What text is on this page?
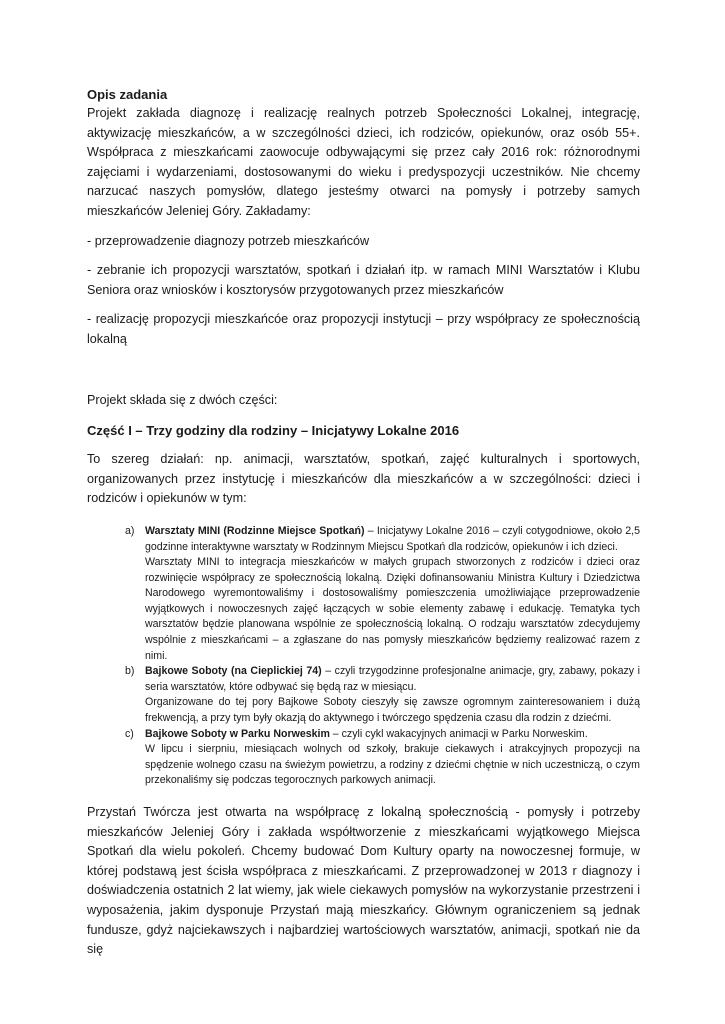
Opis zadania

Projekt zakłada diagnozę i realizację realnych potrzeb Społeczności Lokalnej, integrację, aktywizację mieszkańców, a w szczególności dzieci, ich rodziców, opiekunów, oraz osób 55+. Współpraca z mieszkańcami zaowocuje odbywającymi się przez cały 2016 rok: różnorodnymi zajęciami i wydarzeniami, dostosowanymi do wieku i predyspozycji uczestników. Nie chcemy narzucać naszych pomysłów, dlatego jesteśmy otwarci na pomysły i potrzeby samych mieszkańców Jeleniej Góry. Zakładamy:

- przeprowadzenie diagnozy potrzeb mieszkańców

- zebranie ich propozycji warsztatów, spotkań i działań itp. w ramach MINI Warsztatów i Klubu Seniora oraz wniosków i kosztorysów przygotowanych przez mieszkańców

- realizację propozycji mieszkańcóe oraz propozycji instytucji – przy współpracy ze społecznością lokalną

Projekt składa się z dwóch części:

Część I – Trzy godziny dla rodziny – Inicjatywy Lokalne 2016

To szereg działań: np. animacji, warsztatów, spotkań, zajęć kulturalnych i sportowych, organizowanych przez instytucję i mieszkańców dla mieszkańców a w szczególności: dzieci i rodziców i opiekunów w tym:

a) Warsztaty MINI (Rodzinne Miejsce Spotkań) – Inicjatywy Lokalne 2016 – czyli cotygodniowe, około 2,5 godzinne interaktywne warsztaty w Rodzinnym Miejscu Spotkań dla rodziców, opiekunów i ich dzieci.

Warsztaty MINI to integracja mieszkańców w małych grupach stworzonych z rodziców i dzieci oraz rozwinięcie współpracy ze społecznością lokalną. Dzięki dofinansowaniu Ministra Kultury i Dziedzictwa Narodowego wyremontowaliśmy i dostosowaliśmy pomieszczenia umożliwiające przeprowadzenie wyjątkowych i nowoczesnych zajęć łączących w sobie elementy zabawę i edukację. Tematyka tych warsztatów będzie planowana wspólnie ze społecznością lokalną. O rodzaju warsztatów zdecydujemy wspólnie z mieszkańcami – a zgłaszane do nas pomysły mieszkańców będziemy realizować razem z nimi.

b) Bajkowe Soboty (na Cieplickiej 74) – czyli trzygodzinne profesjonalne animacje, gry, zabawy, pokazy i seria warsztatów, które odbywać się będą raz w miesiącu.

Organizowane do tej pory Bajkowe Soboty cieszyły się zawsze ogromnym zainteresowaniem i dużą frekwencją, a przy tym były okazją do aktywnego i twórczego spędzenia czasu dla rodzin z dziećmi.

c) Bajkowe Soboty w Parku Norweskim – czyli cykl wakacyjnych animacji w Parku Norweskim.

W lipcu i sierpniu, miesiącach wolnych od szkoły, brakuje ciekawych i atrakcyjnych propozycji na spędzenie wolnego czasu na świeżym powietrzu, a rodziny z dziećmi chętnie w nich uczestniczą, o czym przekonaliśmy się podczas tegorocznych parkowych animacji.

Przystań Twórcza jest otwarta na współpracę z lokalną społecznością - pomysły i potrzeby mieszkańców Jeleniej Góry i zakłada współtworzenie z mieszkańcami wyjątkowego Miejsca Spotkań dla wielu pokoleń. Chcemy budować Dom Kultury oparty na nowoczesnej formuje, w której podstawą jest ścisła współpraca z mieszkańcami. Z przeprowadzonej w 2013 r diagnozy i doświadczenia ostatnich 2 lat wiemy, jak wiele ciekawych pomysłów na wykorzystanie przestrzeni i wyposażenia, jakim dysponuje Przystań mają mieszkańcy. Głównym ograniczeniem są jednak fundusze, gdyż najciekawszych i najbardziej wartościowych warsztatów, animacji, spotkań nie da się
